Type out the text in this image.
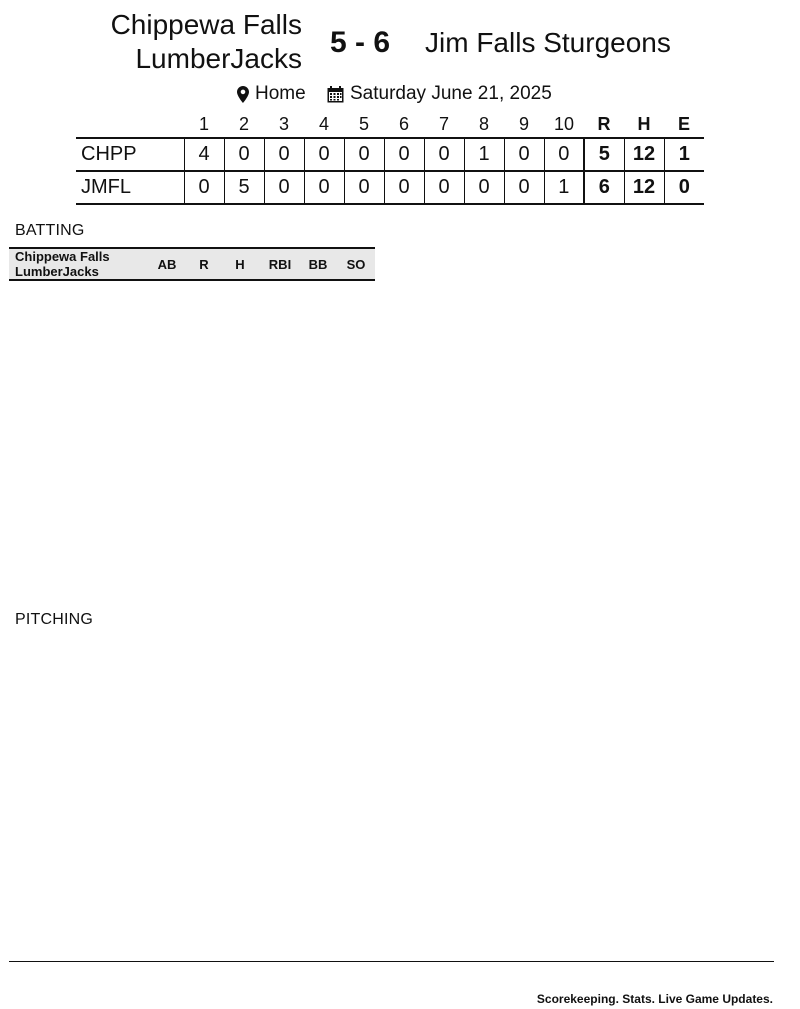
Chippewa Falls
LumberJacks 5 - 6 Jim Falls Sturgeons
Home Saturday June 21, 2025
	1	2	3	4	5	6	7	8	9	10	R	H	E
CHPP	4	0	0	0	0	0	0	1	0	0	5	12	1
JMFL	0	5	0	0	0	0	0	0	0	1	6	12	0
BATTING
Chippewa Falls LumberJacks	AB	R	H	RBI	BB	SO
PITCHING
Scorekeeping. Stats. Live Game Updates.
